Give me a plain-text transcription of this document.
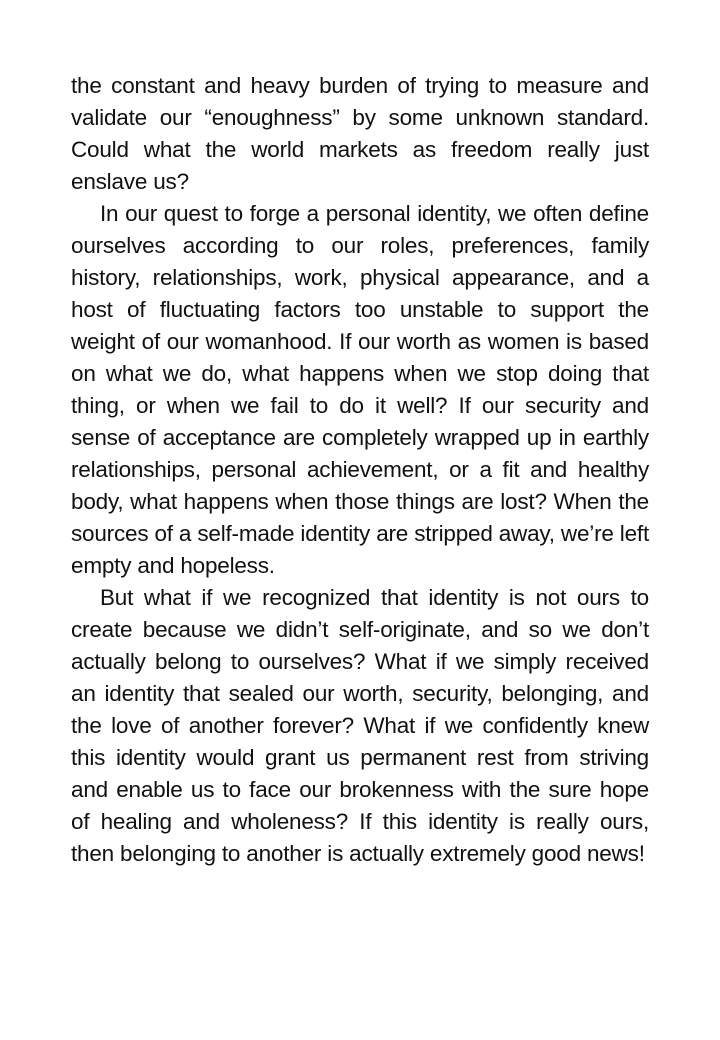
the constant and heavy burden of trying to measure and validate our “enoughness” by some unknown standard. Could what the world markets as freedom really just enslave us?

In our quest to forge a personal identity, we often define ourselves according to our roles, preferences, family history, relationships, work, physical appearance, and a host of fluctuating factors too unstable to support the weight of our womanhood. If our worth as women is based on what we do, what happens when we stop doing that thing, or when we fail to do it well? If our security and sense of acceptance are completely wrapped up in earthly relationships, personal achievement, or a fit and healthy body, what happens when those things are lost? When the sources of a self-made identity are stripped away, we’re left empty and hopeless.

But what if we recognized that identity is not ours to create because we didn’t self-originate, and so we don’t actually belong to ourselves? What if we simply received an identity that sealed our worth, security, belonging, and the love of another forever? What if we confidently knew this identity would grant us permanent rest from striving and enable us to face our brokenness with the sure hope of healing and wholeness? If this identity is really ours, then belonging to another is actually extremely good news!
